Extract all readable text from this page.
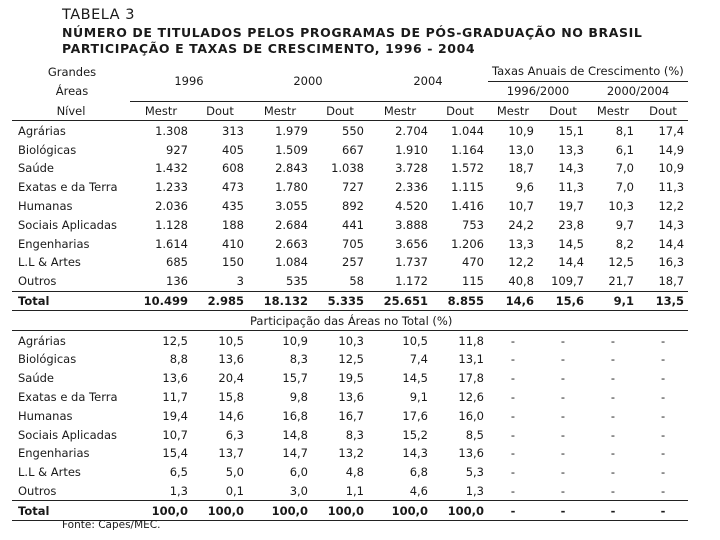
TABELA 3
NÚMERO DE TITULADOS PELOS PROGRAMAS DE PÓS-GRADUAÇÃO NO BRASIL
PARTICIPAÇÃO E TAXAS DE CRESCIMENTO, 1996 - 2004
Grandes	1996		2000		2004		Taxas Anuais de Crescimento (%)			
Áreas							1996/2000		2000/2004	
Nível	Mestr	Dout	Mestr	Dout	Mestr	Dout	Mestr	Dout	Mestr	Dout
Agrárias	1.308	313	1.979	550	2.704	1.044	10,9	15,1	8,1	17,4
Biológicas	927	405	1.509	667	1.910	1.164	13,0	13,3	6,1	14,9
Saúde	1.432	608	2.843	1.038	3.728	1.572	18,7	14,3	7,0	10,9
Exatas e da Terra	1.233	473	1.780	727	2.336	1.115	9,6	11,3	7,0	11,3
Humanas	2.036	435	3.055	892	4.520	1.416	10,7	19,7	10,3	12,2
Sociais Aplicadas	1.128	188	2.684	441	3.888	753	24,2	23,8	9,7	14,3
Engenharias	1.614	410	2.663	705	3.656	1.206	13,3	14,5	8,2	14,4
L.L & Artes	685	150	1.084	257	1.737	470	12,2	14,4	12,5	16,3
Outros	136	3	535	58	1.172	115	40,8	109,7	21,7	18,7
Total	10.499	2.985	18.132	5.335	25.651	8.855	14,6	15,6	9,1	13,5
	Participação das Áreas no Total (%)									
Agrárias	12,5	10,5	10,9	10,3	10,5	11,8	-	-	-	-
Biológicas	8,8	13,6	8,3	12,5	7,4	13,1	-	-	-	-
Saúde	13,6	20,4	15,7	19,5	14,5	17,8	-	-	-	-
Exatas e da Terra	11,7	15,8	9,8	13,6	9,1	12,6	-	-	-	-
Humanas	19,4	14,6	16,8	16,7	17,6	16,0	-	-	-	-
Sociais Aplicadas	10,7	6,3	14,8	8,3	15,2	8,5	-	-	-	-
Engenharias	15,4	13,7	14,7	13,2	14,3	13,6	-	-	-	-
L.L & Artes	6,5	5,0	6,0	4,8	6,8	5,3	-	-	-	-
Outros	1,3	0,1	3,0	1,1	4,6	1,3	-	-	-	-
Total	100,0	100,0	100,0	100,0	100,0	100,0	-	-	-	-
Fonte: Capes/MEC.
